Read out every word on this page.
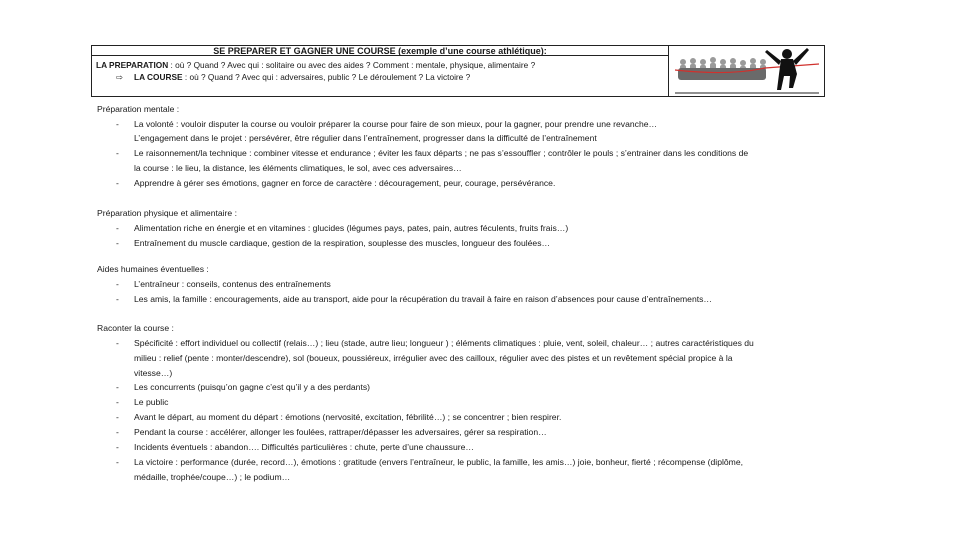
SE PREPARER ET GAGNER UNE COURSE (exemple d’une course athlétique):
LA PREPARATION : où ? Quand ? Avec qui : solitaire ou avec des aides ? Comment : mentale, physique, alimentaire ?
⇨ LA COURSE : où ? Quand ? Avec qui : adversaires, public ? Le déroulement ? La victoire ?
Préparation mentale :
- La volonté : vouloir disputer la course ou vouloir préparer la course pour faire de son mieux, pour la gagner, pour prendre une revanche…
L’engagement dans le projet : persévérer, être régulier dans l’entraînement, progresser dans la difficulté de l’entraînement
- Le raisonnement/la technique : combiner vitesse et endurance ; éviter les faux départs ; ne pas s’essouffler ; contrôler le pouls ; s’entrainer dans les conditions de
la course : le lieu, la distance, les éléments climatiques, le sol, avec ces adversaires…
- Apprendre à gérer ses émotions, gagner en force de caractère : découragement, peur, courage, persévérance.
Préparation physique et alimentaire :
- Alimentation riche en énergie et en vitamines : glucides (légumes pays, pates, pain, autres féculents, fruits frais…)
- Entraînement du muscle cardiaque, gestion de la respiration, souplesse des muscles, longueur des foulées…
Aides humaines éventuelles :
- L’entraîneur : conseils, contenus des entraînements
- Les amis, la famille : encouragements, aide au transport, aide pour la récupération du travail à faire en raison d’absences pour cause d’entraînements…
Raconter la course :
- Spécificité : effort individuel ou collectif (relais…) ; lieu (stade, autre lieu; longueur ) ; éléments climatiques : pluie, vent, soleil, chaleur… ; autres caractéristiques du
milieu : relief (pente : monter/descendre), sol (boueux, poussiéreux, irrégulier avec des cailloux, régulier avec des pistes et un revêtement spécial propice à la
vitesse…)
- Les concurrents (puisqu’on gagne c’est qu’il y a des perdants)
- Le public
- Avant le départ, au moment du départ : émotions (nervosité, excitation, fébrilité…) ; se concentrer ; bien respirer.
- Pendant la course : accélérer, allonger les foulées, rattraper/dépasser les adversaires, gérer sa respiration…
- Incidents éventuels : abandon…. Difficultés particulières : chute, perte d’une chaussure…
- La victoire : performance (durée, record…), émotions : gratitude (envers l’entraîneur, le public, la famille, les amis…) joie, bonheur, fierté ; récompense (diplôme,
médaille, trophée/coupe…) ; le podium…
